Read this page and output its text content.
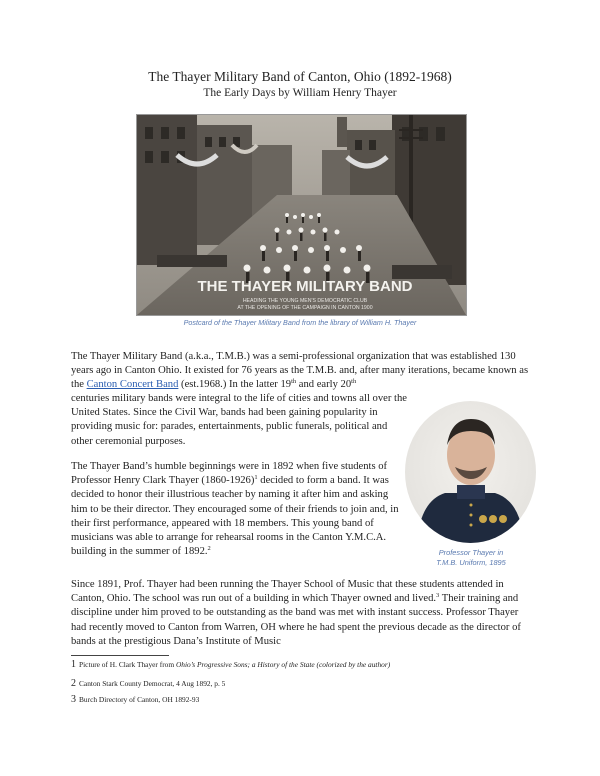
The Thayer Military Band of Canton, Ohio (1892-1968)
The Early Days by William Henry Thayer
THE THAYER MILITARY BAND
HEADING THE YOUNG MEN'S DEMOCRATIC CLUB
AT THE OPENING OF THE CAMPAIGN IN CANTON 1900
Postcard of the Thayer Military Band from the library of William H. Thayer
The Thayer Military Band (a.k.a., T.M.B.) was a semi-professional organization that was established 130 years ago in Canton Ohio. It existed for 76 years as the T.M.B. and, after many iterations, became known as the Canton Concert Band (est.1968.) In the latter 19th and early 20th
centuries military bands were integral to the life of cities and towns all over the United States. Since the Civil War, bands had been gaining popularity in providing music for: parades, entertainments, public funerals, political and other ceremonial purposes.
Professor Thayer in
T.M.B. Uniform, 1895
The Thayer Band’s humble beginnings were in 1892 when five students of Professor Henry Clark Thayer (1860-1926)$^1$ decided to form a band. It was decided to honor their illustrious teacher by naming it after him and asking him to be their director. They encouraged some of their friends to join and, in their first performance, appeared with 18 members. This young band of musicians was able to arrange for rehearsal rooms in the Canton Y.M.C.A. building in the summer of 1892.$^2$
Since 1891, Prof. Thayer had been running the Thayer School of Music that these students attended in Canton, Ohio. The school was run out of a building in which Thayer owned and lived.$^3$ Their training and discipline under him proved to be outstanding as the band was met with instant success. Professor Thayer had recently moved to Canton from Warren, OH where he had spent the previous decade as the director of bands at the prestigious Dana’s Institute of Music
1 Picture of H. Clark Thayer from Ohio’s Progressive Sons; a History of the State (colorized by the author)
2 Canton Stark County Democrat, 4 Aug 1892, p. 5
3 Burch Directory of Canton, OH 1892-93
